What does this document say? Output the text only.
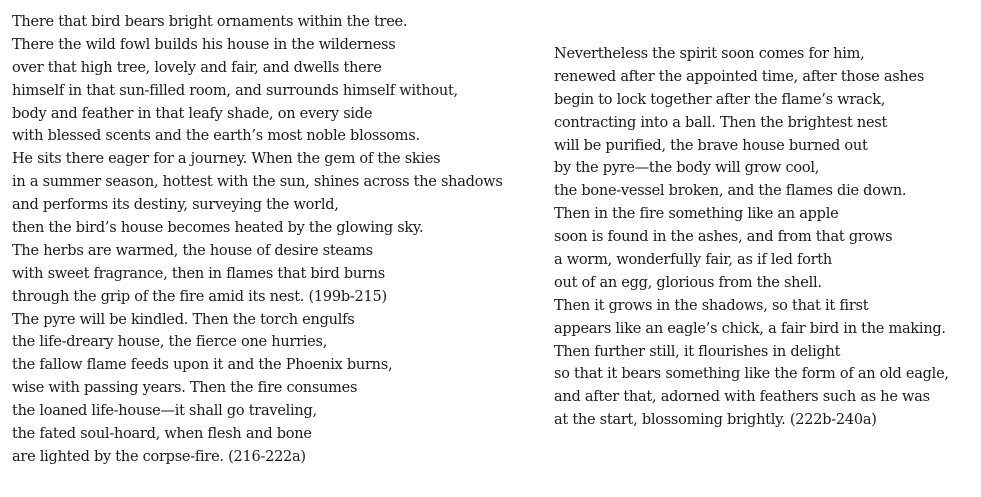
There that bird bears bright ornaments within the tree.
There the wild fowl builds his house in the wilderness
over that high tree, lovely and fair, and dwells there
himself in that sun-filled room, and surrounds himself without,
body and feather in that leafy shade, on every side
with blessed scents and the earth’s most noble blossoms.
He sits there eager for a journey. When the gem of the skies
in a summer season, hottest with the sun, shines across the shadows
and performs its destiny, surveying the world,
then the bird’s house becomes heated by the glowing sky.
The herbs are warmed, the house of desire steams
with sweet fragrance, then in flames that bird burns
through the grip of the fire amid its nest. (199b-215)
The pyre will be kindled. Then the torch engulfs
the life-dreary house, the fierce one hurries,
the fallow flame feeds upon it and the Phoenix burns,
wise with passing years. Then the fire consumes
the loaned life-house—it shall go traveling,
the fated soul-hoard, when flesh and bone
are lighted by the corpse-fire. (216-222a)
Nevertheless the spirit soon comes for him,
renewed after the appointed time, after those ashes
begin to lock together after the flame’s wrack,
contracting into a ball. Then the brightest nest
will be purified, the brave house burned out
by the pyre—the body will grow cool,
the bone-vessel broken, and the flames die down.
Then in the fire something like an apple
soon is found in the ashes, and from that grows
a worm, wonderfully fair, as if led forth
out of an egg, glorious from the shell.
Then it grows in the shadows, so that it first
appears like an eagle’s chick, a fair bird in the making.
Then further still, it flourishes in delight
so that it bears something like the form of an old eagle,
and after that, adorned with feathers such as he was
at the start, blossoming brightly. (222b-240a)
